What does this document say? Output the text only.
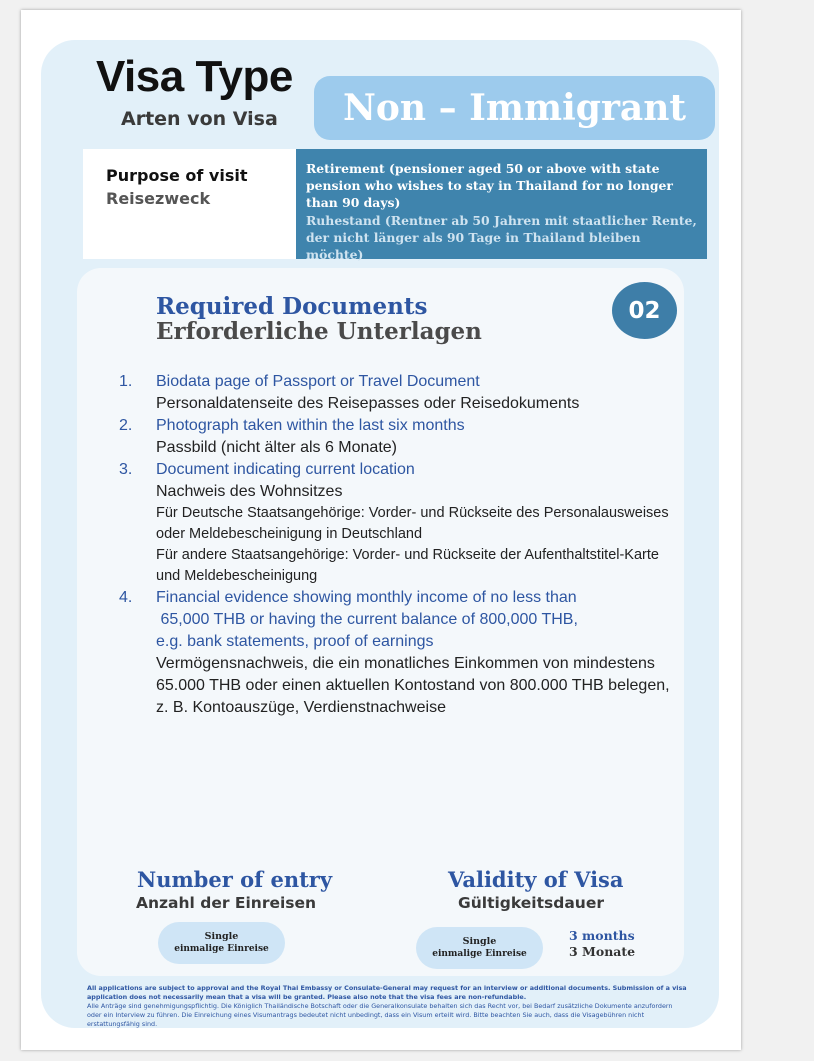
Visa Type
Arten von Visa	Non – Immigrant
Purpose of visit
Reisezweck
Retirement (pensioner aged 50 or above with state pension who wishes to stay in Thailand for no longer than 90 days)
Ruhestand (Rentner ab 50 Jahren mit staatlicher Rente, der nicht länger als 90 Tage in Thailand bleiben möchte)
Required Documents
Erforderliche Unterlagen
02
1. Biodata page of Passport or Travel Document
Personaldatenseite des Reisepasses oder Reisedokuments
2. Photograph taken within the last six months
Passbild (nicht älter als 6 Monate)
3. Document indicating current location
Nachweis des Wohnsitzes
Für Deutsche Staatsangehörige: Vorder- und Rückseite des Personalausweises oder Meldebescheinigung in Deutschland
Für andere Staatsangehörige: Vorder- und Rückseite der Aufenthaltstitel-Karte und Meldebescheinigung
4. Financial evidence showing monthly income of no less than
65,000 THB or having the current balance of 800,000 THB,
e.g. bank statements, proof of earnings
Vermögensnachweis, die ein monatliches Einkommen von mindestens 65.000 THB oder einen aktuellen Kontostand von 800.000 THB belegen, z. B. Kontoauszüge, Verdienstnachweise
Number of entry
Anzahl der Einreisen
Single
einmalige Einreise
Validity of Visa
Gültigkeitsdauer
Single
einmalige Einreise
3 months
3 Monate
All applications are subject to approval and the Royal Thai Embassy or Consulate-General may request for an interview or additional documents. Submission of a visa application does not necessarily mean that a visa will be granted. Please also note that the visa fees are non-refundable.
Alle Anträge sind genehmigungspflichtig. Die Königlich Thailändische Botschaft oder die Generalkonsulate behalten sich das Recht vor, bei Bedarf zusätzliche Dokumente anzufordern oder ein Interview zu führen. Die Einreichung eines Visumantrags bedeutet nicht unbedingt, dass ein Visum erteilt wird. Bitte beachten Sie auch, dass die Visagebühren nicht erstattungsfähig sind.
